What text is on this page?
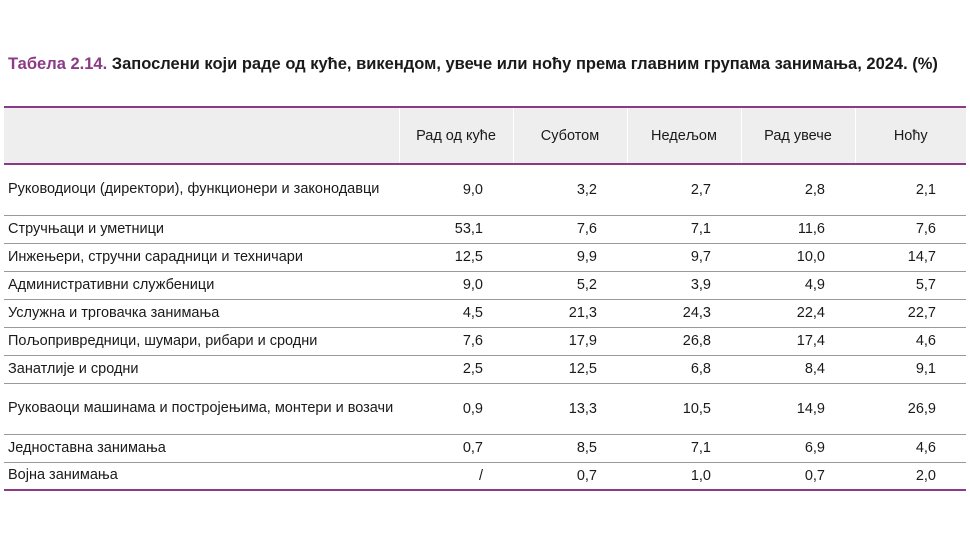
Табела 2.14. Запослени који раде од куће, викендом, увече или ноћу према главним групама занимања, 2024. (%)
	Рад од куће	Суботом	Недељом	Рад увече	Ноћу
Руководиоци (директори), функционери и законодавци	9,0	3,2	2,7	2,8	2,1
Стручњаци и уметници	53,1	7,6	7,1	11,6	7,6
Инжењери, стручни сарадници и техничари	12,5	9,9	9,7	10,0	14,7
Административни службеници	9,0	5,2	3,9	4,9	5,7
Услужна и трговачка занимања	4,5	21,3	24,3	22,4	22,7
Пољопривредници, шумари, рибари и сродни	7,6	17,9	26,8	17,4	4,6
Занатлије и сродни	2,5	12,5	6,8	8,4	9,1
Руковаоци машинама и постројењима, монтери и возачи	0,9	13,3	10,5	14,9	26,9
Једноставна занимања	0,7	8,5	7,1	6,9	4,6
Војна занимања	/	0,7	1,0	0,7	2,0
